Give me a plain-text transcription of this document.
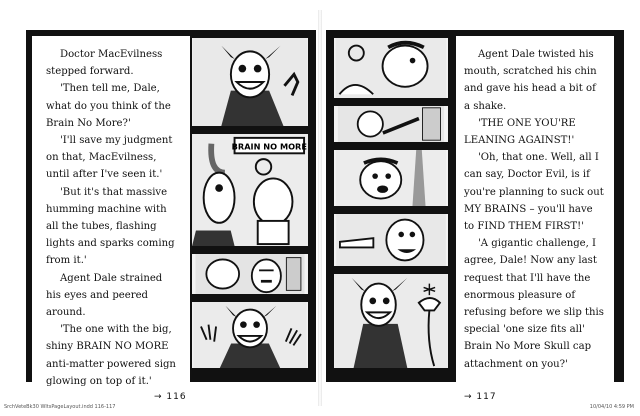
Doctor MacEvilness stepped forward.

'Then tell me, Dale, what do you think of the Brain No More?'

'I'll save my judgment on that, MacEvilness, until after I've seen it.'

'But it's that massive humming machine with all the tubes, flashing lights and sparks coming from it.'

Agent Dale strained his eyes and peered around.

'The one with the big, shiny BRAIN NO MORE anti-matter powered sign glowing on top of it.'

BRAIN NO MORE
→ 116

Agent Dale twisted his mouth, scratched his chin and gave his head a bit of a shake.

'THE ONE YOU'RE LEANING AGAINST!'

'Oh, that one. Well, all I can say, Doctor Evil, is if you're planning to suck out MY BRAINS – you'll have to FIND THEM FIRST!'

'A gigantic challenge, I agree, Dale! Now any last request that I'll have the enormous pleasure of refusing before we slip this special 'one size fits all' Brain No More Skull cap attachment on you?'

→ 117
SrchVeteBk30 WltsPageLayout.indd 116-117	10/04/10 4:59 PM
